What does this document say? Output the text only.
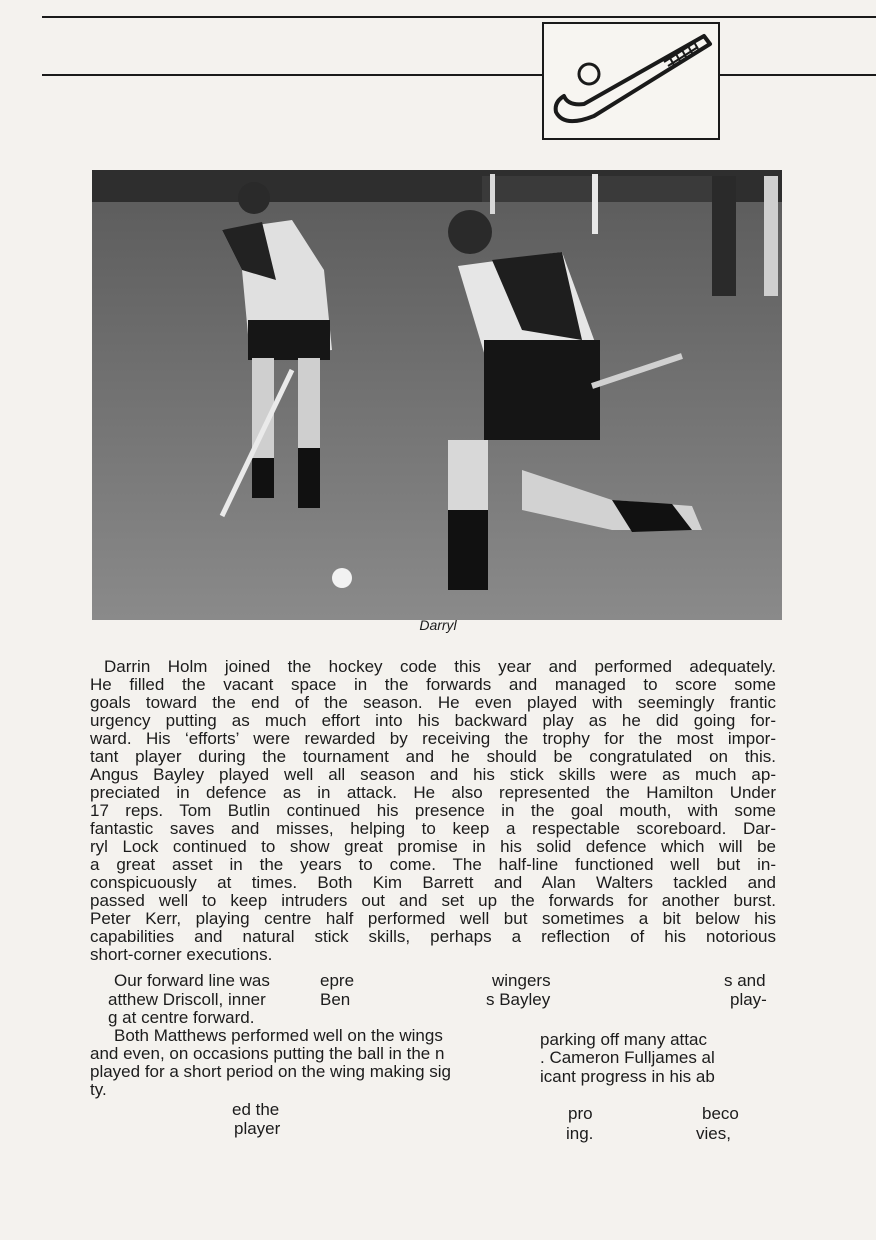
Darryl
Darrin Holm joined the hockey code this year and performed adequately.
He filled the vacant space in the forwards and managed to score some
goals toward the end of the season. He even played with seemingly frantic
urgency putting as much effort into his backward play as he did going for-
ward. His ‘efforts’ were rewarded by receiving the trophy for the most impor-
tant player during the tournament and he should be congratulated on this.
Angus Bayley played well all season and his stick skills were as much ap-
preciated in defence as in attack. He also represented the Hamilton Under
17 reps. Tom Butlin continued his presence in the goal mouth, with some
fantastic saves and misses, helping to keep a respectable scoreboard. Dar-
ryl Lock continued to show great promise in his solid defence which will be
a great asset in the years to come. The half-line functioned well but in-
conspicuously at times. Both Kim Barrett and Alan Walters tackled and
passed well to keep intruders out and set up the forwards for another burst.
Peter Kerr, playing centre half performed well but sometimes a bit below his
capabilities and natural stick skills, perhaps a reflection of his notorious
short-corner executions.
Our forward line was	epre	wingers	s and
atthew Driscoll, inner	Ben	s Bayley	play-
g at centre forward.
Both Matthews performed well on the wings	parking off many attac
and even, on occasions putting the ball in the n	. Cameron Fulljames al
played for a short period on the wing making sig	icant progress in his ab
ty.
ed the	pro	beco
player	ing.	vies,
